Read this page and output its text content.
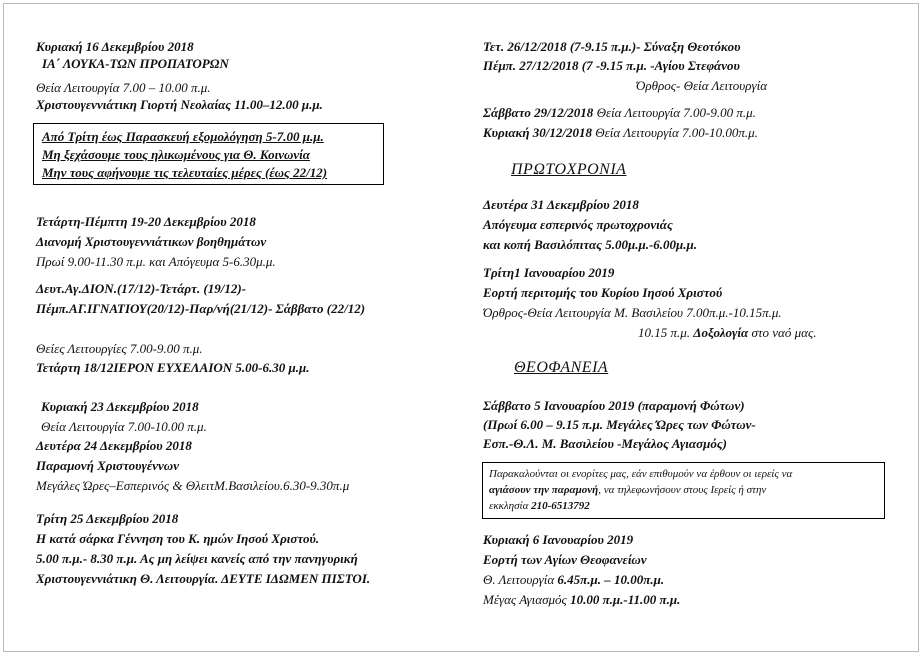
Κυριακή 16 Δεκεμβρίου 2018
ΙΑ΄ ΛΟΥΚΑ-ΤΩΝ ΠΡΟΠΑΤΟΡΩΝ
Θεία Λειτουργία 7.00 – 10.00 π.μ.
Χριστουγεννιάτικη Γιορτή Νεολαίας 11.00–12.00 μ.μ.
Από Τρίτη έως Παρασκευή εξομολόγηση 5-7.00 μ.μ.
Μη ξεχάσουμε τους ηλικωμένους για Θ. Κοινωνία
Μην τους αφήνουμε τις τελευταίες μέρες (έως 22/12)
Τετάρτη-Πέμπτη 19-20 Δεκεμβρίου 2018
Διανομή Χριστουγεννιάτικων βοηθημάτων
Πρωί 9.00-11.30 π.μ. και Απόγευμα 5-6.30μ.μ.
Δευτ.Αγ.ΔΙΟΝ.(17/12)-Τετάρτ. (19/12)-
Πέμπ.ΑΓ.ΙΓΝΑΤΙΟΥ(20/12)-Παρ/νή(21/12)- Σάββατο (22/12)
Θείες Λειτουργίες 7.00-9.00 π.μ.
Τετάρτη 18/12ΙΕΡΟΝ ΕΥΧΕΛΑΙΟΝ 5.00-6.30 μ.μ.
Κυριακή 23 Δεκεμβρίου 2018
Θεία Λειτουργία 7.00-10.00 π.μ.
Δευτέρα 24 Δεκεμβρίου 2018
Παραμονή Χριστουγέννων
Μεγάλες Ώρες–Εσπερινός & ΘλειτΜ.Βασιλείου.6.30-9.30π.μ
Τρίτη 25 Δεκεμβρίου 2018
Η κατά σάρκα Γέννηση του Κ. ημών Ιησού Χριστού.
5.00 π.μ.- 8.30 π.μ. Ας μη λείψει κανείς από την πανηγυρική
Χριστουγεννιάτικη Θ. Λειτουργία. ΔΕΥΤΕ ΙΔΩΜΕΝ ΠΙΣΤΟΙ.
Τετ. 26/12/2018 (7-9.15 π.μ.)- Σύναξη Θεοτόκου
Πέμπ. 27/12/2018 (7 -9.15 π.μ. -Αγίου Στεφάνου
Όρθρος- Θεία Λειτουργία
Σάββατο 29/12/2018 Θεία Λειτουργία 7.00-9.00 π.μ.
Κυριακή 30/12/2018 Θεία Λειτουργία 7.00-10.00π.μ.
ΠΡΩΤΟΧΡΟΝΙΑ
Δευτέρα 31 Δεκεμβρίου 2018
Απόγευμα εσπερινός πρωτοχρονιάς
και κοπή Βασιλόπιτας 5.00μ.μ.-6.00μ.μ.
Τρίτη1 Ιανουαρίου 2019
Εορτή περιτομής του Κυρίου Ιησού Χριστού
Όρθρος-Θεία Λειτουργία Μ. Βασιλείου 7.00π.μ.-10.15π.μ.
10.15 π.μ. Δοξολογία στο ναό μας.
ΘΕΟΦΑΝΕΙΑ
Σάββατο 5 Ιανουαρίου 2019 (παραμονή Φώτων)
(Πρωί 6.00 – 9.15 π.μ. Μεγάλες Ώρες των Φώτων-
Εσπ.-Θ.Λ. Μ. Βασιλείου -Μεγάλος Αγιασμός)
Παρακαλούνται οι ενορίτες μας, εάν επιθυμούν να έρθουν οι ιερείς να
αγιάσουν την παραμονή, να τηλεφωνήσουν στους Ιερείς ή στην
εκκλησία 210-6513792
Κυριακή 6 Ιανουαρίου 2019
Εορτή των Αγίων Θεοφανείων
Θ. Λειτουργία 6.45π.μ. – 10.00π.μ.
Μέγας Αγιασμός 10.00 π.μ.-11.00 π.μ.
